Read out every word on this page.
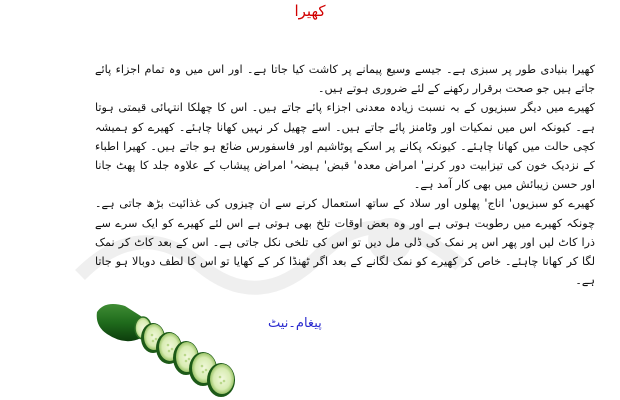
کھیرا

کھیرا بنیادی طور پر سبزی ہے۔ جیسے وسیع پیمانے پر کاشت کیا جاتا ہے۔ اور اس میں وہ تمام اجزاء پائے جاتے ہیں جو صحت برقرار رکھنے کے لئے ضروری ہوتے ہیں۔

کھیرے میں دیگر سبزیوں کے بہ نسبت زیادہ معدنی اجزاء پائے جاتے ہیں۔ اس کا چھلکا انتہائی قیمتی ہوتا ہے۔ کیونکہ اس میں نمکیات اور وٹامنز پائے جاتے ہیں۔ اسے چھیل کر نہیں کھانا چاہئے۔ کھیرے کو ہمیشہ کچی حالت میں کھانا چاہئے۔ کیونکہ پکانے پر اسکے پوٹاشیم اور فاسفورس ضائع ہو جاتے ہیں۔ کھیرا اطباء کے نزدیک خون کی تیزابیت دور کرنے' امراض معدہ' قبض' ہیضہ' امراض پیشاب کے علاوہ جلد کا پھٹ جانا اور حسن زیبائش میں بھی کار آمد ہے۔

کھیرے کو سبزیوں' اناج' پھلوں اور سلاد کے ساتھ استعمال کرنے سے ان چیزوں کی غذائیت بڑھ جاتی ہے۔ چونکہ کھیرے میں رطوبت ہوتی ہے اور وہ بعض اوقات تلخ بھی ہوتی ہے اس لئے کھیرے کو ایک سرے سے ذرا کاٹ لیں اور پھر اس پر نمک کی ڈلی مل دیں تو اس کی تلخی نکل جاتی ہے۔ اس کے بعد کاٹ کر نمک لگا کر کھانا چاہئے۔ خاص کر کھیرے کو نمک لگانے کے بعد اگر ٹھنڈا کر کے کھایا تو اس کا لطف دوبالا ہو جاتا ہے۔

پیغام۔نیٹ
